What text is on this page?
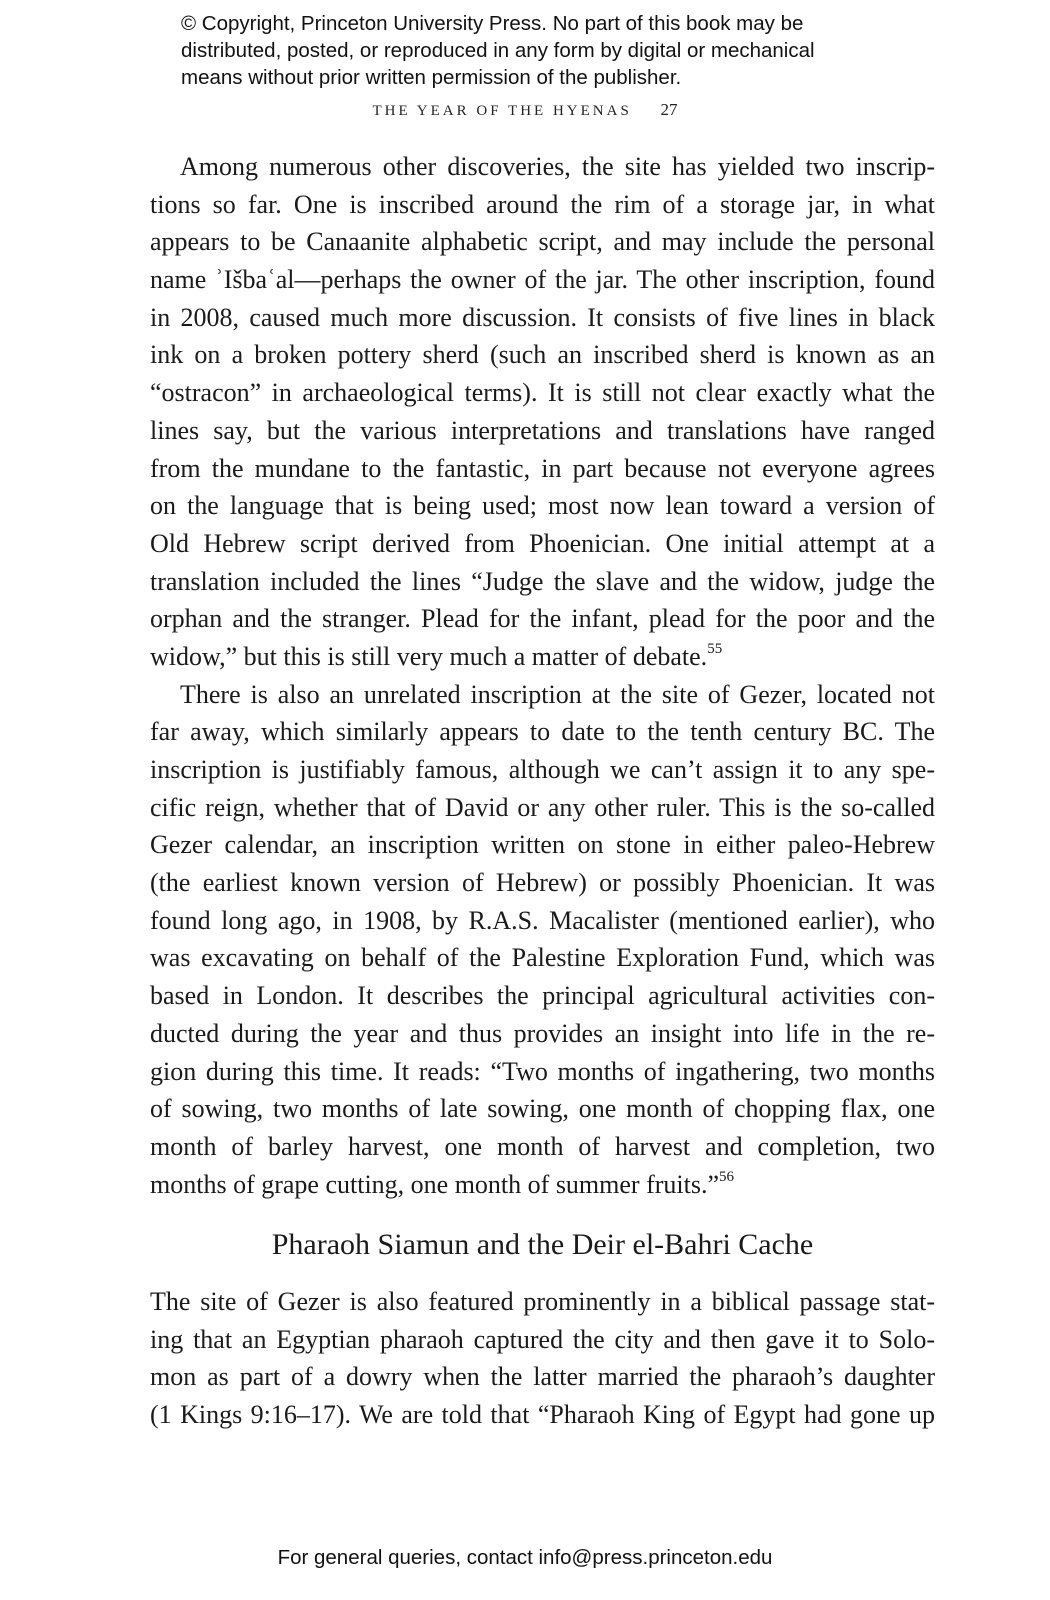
© Copyright, Princeton University Press. No part of this book may be
distributed, posted, or reproduced in any form by digital or mechanical
means without prior written permission of the publisher.
THE YEAR OF THE HYENAS 27
Among numerous other discoveries, the site has yielded two inscrip-
tions so far. One is inscribed around the rim of a storage jar, in what
appears to be Canaanite alphabetic script, and may include the personal
name ʾIšbaʿal—perhaps the owner of the jar. The other inscription, found
in 2008, caused much more discussion. It consists of five lines in black
ink on a broken pottery sherd (such an inscribed sherd is known as an
“ostracon” in archaeological terms). It is still not clear exactly what the
lines say, but the various interpretations and translations have ranged
from the mundane to the fantastic, in part because not everyone agrees
on the language that is being used; most now lean toward a version of
Old Hebrew script derived from Phoenician. One initial attempt at a
translation included the lines “Judge the slave and the widow, judge the
orphan and the stranger. Plead for the infant, plead for the poor and the
widow,” but this is still very much a matter of debate.$^{55}$
There is also an unrelated inscription at the site of Gezer, located not
far away, which similarly appears to date to the tenth century BC. The
inscription is justifiably famous, although we can’t assign it to any spe-
cific reign, whether that of David or any other ruler. This is the so-called
Gezer calendar, an inscription written on stone in either paleo-Hebrew
(the earliest known version of Hebrew) or possibly Phoenician. It was
found long ago, in 1908, by R.A.S. Macalister (mentioned earlier), who
was excavating on behalf of the Palestine Exploration Fund, which was
based in London. It describes the principal agricultural activities con-
ducted during the year and thus provides an insight into life in the re-
gion during this time. It reads: “Two months of ingathering, two months
of sowing, two months of late sowing, one month of chopping flax, one
month of barley harvest, one month of harvest and completion, two
months of grape cutting, one month of summer fruits.”$^{56}$
Pharaoh Siamun and the Deir el-Bahri Cache
The site of Gezer is also featured prominently in a biblical passage stat-
ing that an Egyptian pharaoh captured the city and then gave it to Solo-
mon as part of a dowry when the latter married the pharaoh’s daughter
(1 Kings 9:16–17). We are told that “Pharaoh King of Egypt had gone up
For general queries, contact info@press.princeton.edu
